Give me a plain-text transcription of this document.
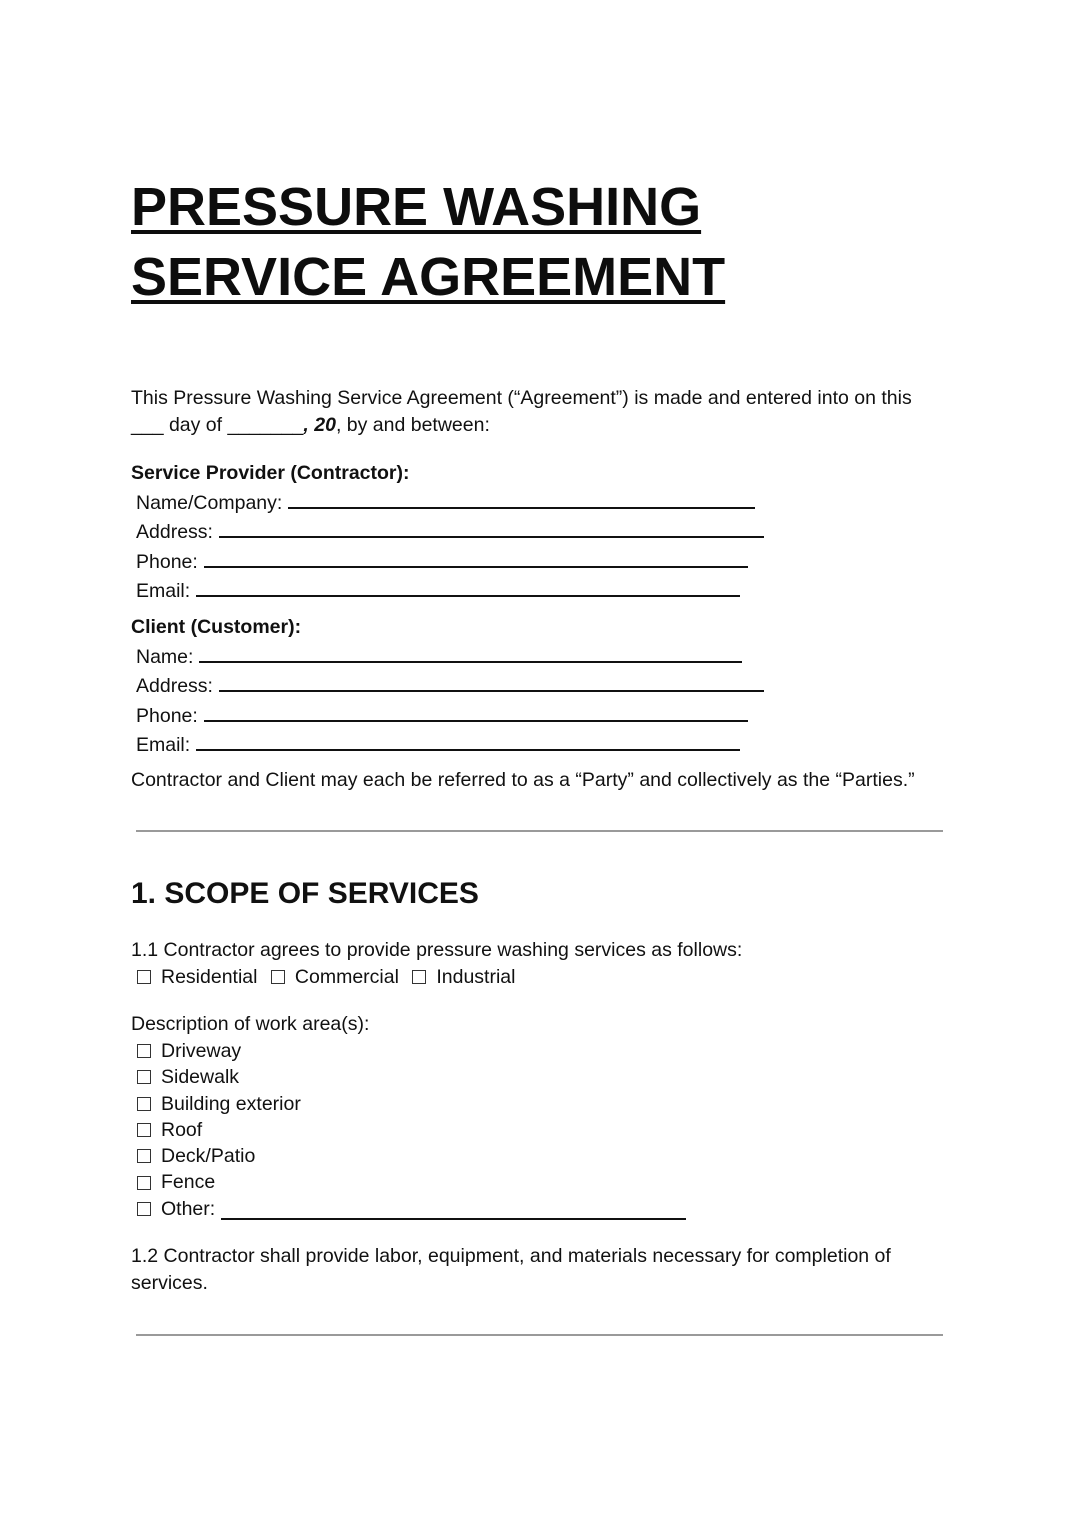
PRESSURE WASHING
SERVICE AGREEMENT
This Pressure Washing Service Agreement (“Agreement”) is made and entered into on this
___ day of _______, 20, by and between:
Service Provider (Contractor):
Name/Company:
Address:
Phone:
Email:
Client (Customer):
Name:
Address:
Phone:
Email:
Contractor and Client may each be referred to as a “Party” and collectively as the “Parties.”
1. SCOPE OF SERVICES
1.1 Contractor agrees to provide pressure washing services as follows:
Residential Commercial Industrial
Description of work area(s):
Driveway
Sidewalk
Building exterior
Roof
Deck/Patio
Fence
Other:
1.2 Contractor shall provide labor, equipment, and materials necessary for completion of
services.
